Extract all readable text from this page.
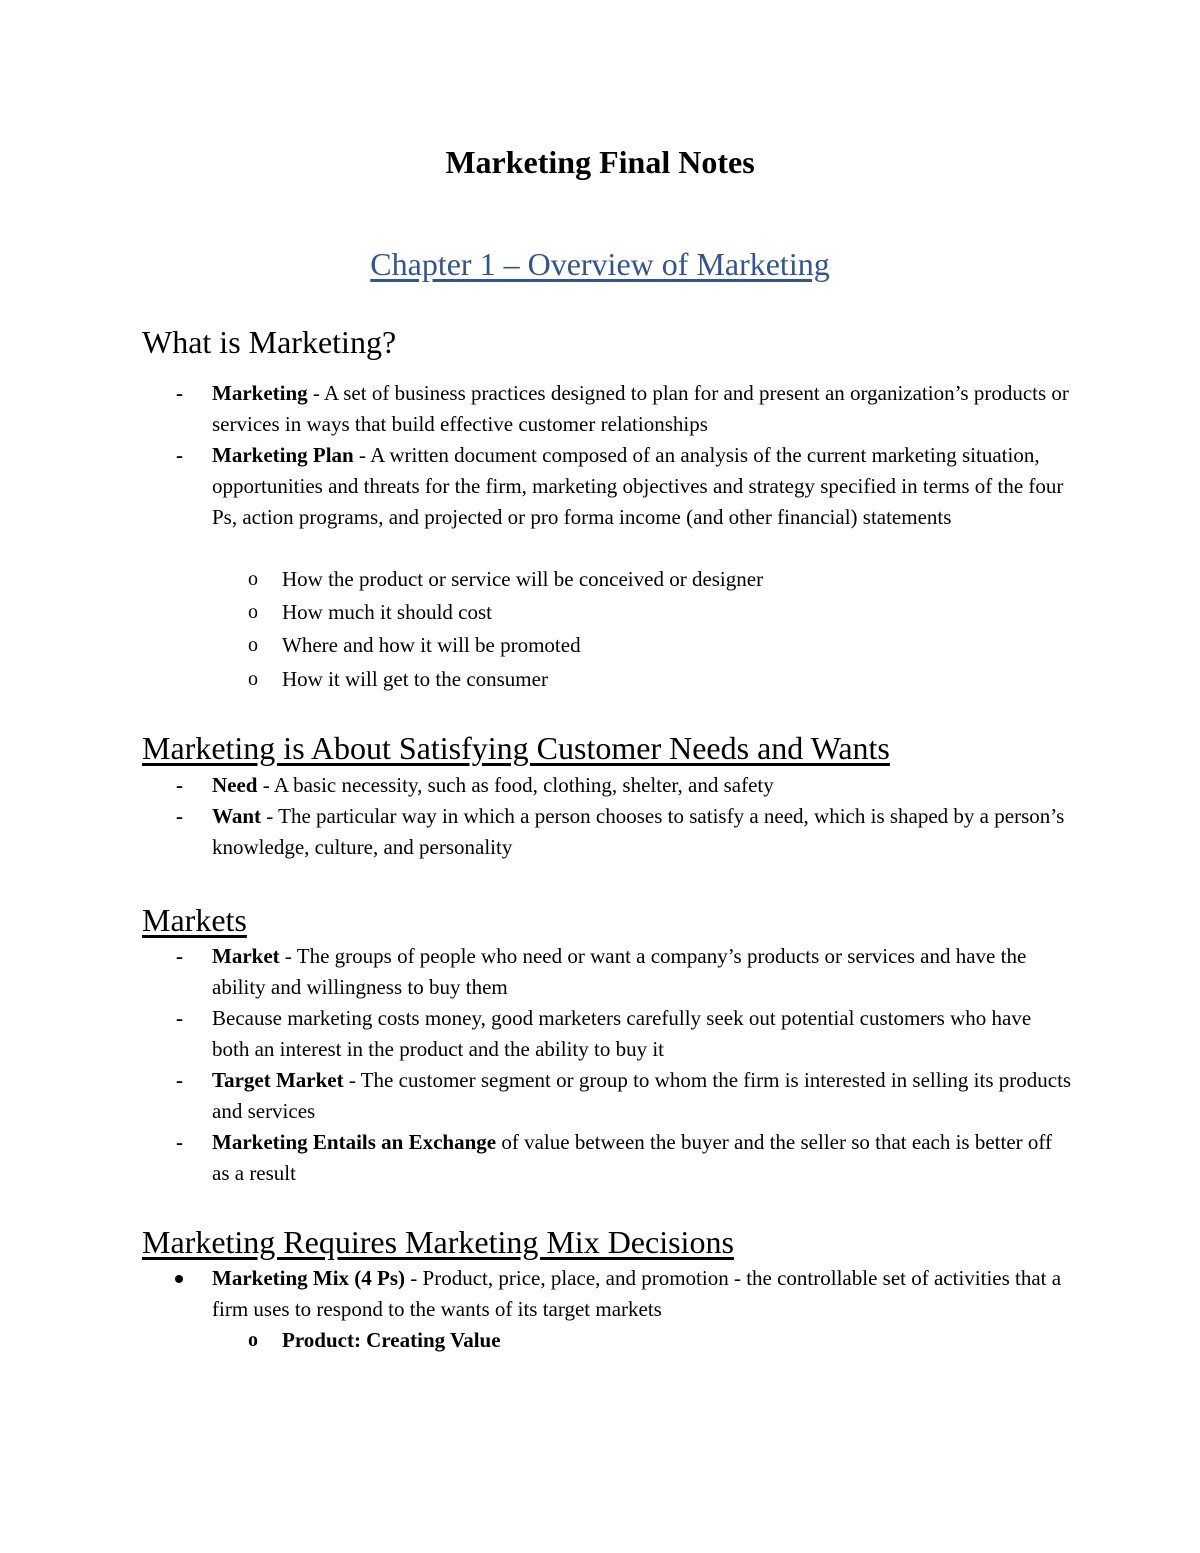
Marketing Final Notes
Chapter 1 – Overview of Marketing
What is Marketing?
-	Marketing - A set of business practices designed to plan for and present an organization’s products or services in ways that build effective customer relationships
-	Marketing Plan - A written document composed of an analysis of the current marketing situation, opportunities and threats for the firm, marketing objectives and strategy specified in terms of the four Ps, action programs, and projected or pro forma income (and other financial) statements
o How the product or service will be conceived or designer
o How much it should cost
o Where and how it will be promoted
o How it will get to the consumer
Marketing is About Satisfying Customer Needs and Wants
-	Need - A basic necessity, such as food, clothing, shelter, and safety
-	Want - The particular way in which a person chooses to satisfy a need, which is shaped by a person’s knowledge, culture, and personality
Markets
-	Market - The groups of people who need or want a company’s products or services and have the ability and willingness to buy them
-	Because marketing costs money, good marketers carefully seek out potential customers who have both an interest in the product and the ability to buy it
-	Target Market - The customer segment or group to whom the firm is interested in selling its products and services
-	Marketing Entails an Exchange of value between the buyer and the seller so that each is better off as a result
Marketing Requires Marketing Mix Decisions
Marketing Mix (4 Ps) - Product, price, place, and promotion - the controllable set of activities that a firm uses to respond to the wants of its target markets
o Product: Creating Value
